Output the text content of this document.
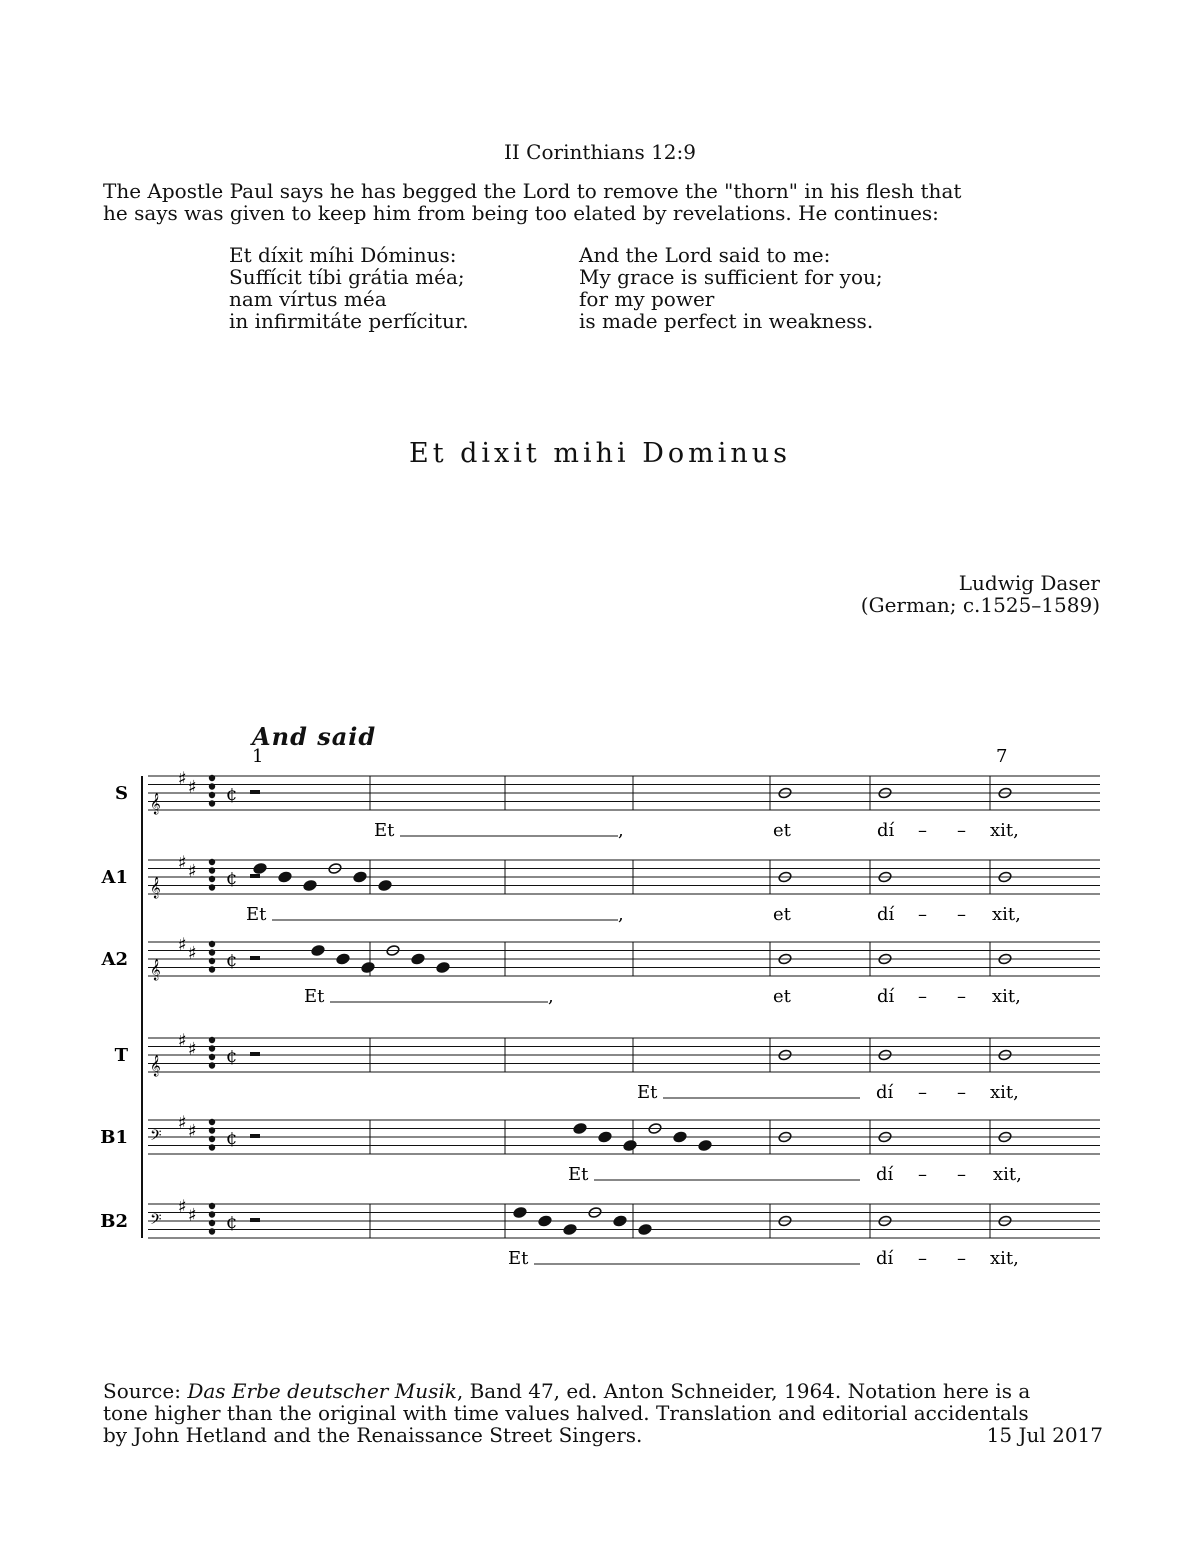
II Corinthians 12:9
The Apostle Paul says he has begged the Lord to remove the "thorn" in his flesh that
he says was given to keep him from being too elated by revelations. He continues:
Et díxit míhi Dóminus:
Suffícit tíbi grátia méa;
nam vírtus méa
in infirmitáte perfícitur.
And the Lord said to me:
My grace is sufficient for you;
for my power
is made perfect in weakness.
Et dixit mihi Dominus
Ludwig Daser
(German; c.1525–1589)
And said
S 𝄞
♯ ♯ ¢
A1 𝄞
♯ ♯ ¢
A2 𝄞
♯ ♯ ¢
T 𝄞
♯ ♯ ¢
B1 𝄢
♯ ♯ ¢
B2 𝄢
♯ ♯ ¢
1	7
Et	,	et	dí – – xit,
Et	,	et	dí – – xit,
Et	,	et	dí – – xit,
Et	dí – – xit,
Et	dí – – xit,
Et	dí – – xit,
Source: Das Erbe deutscher Musik, Band 47, ed. Anton Schneider, 1964. Notation here is a
tone higher than the original with time values halved. Translation and editorial accidentals
by John Hetland and the Renaissance Street Singers.	15 Jul 2017
